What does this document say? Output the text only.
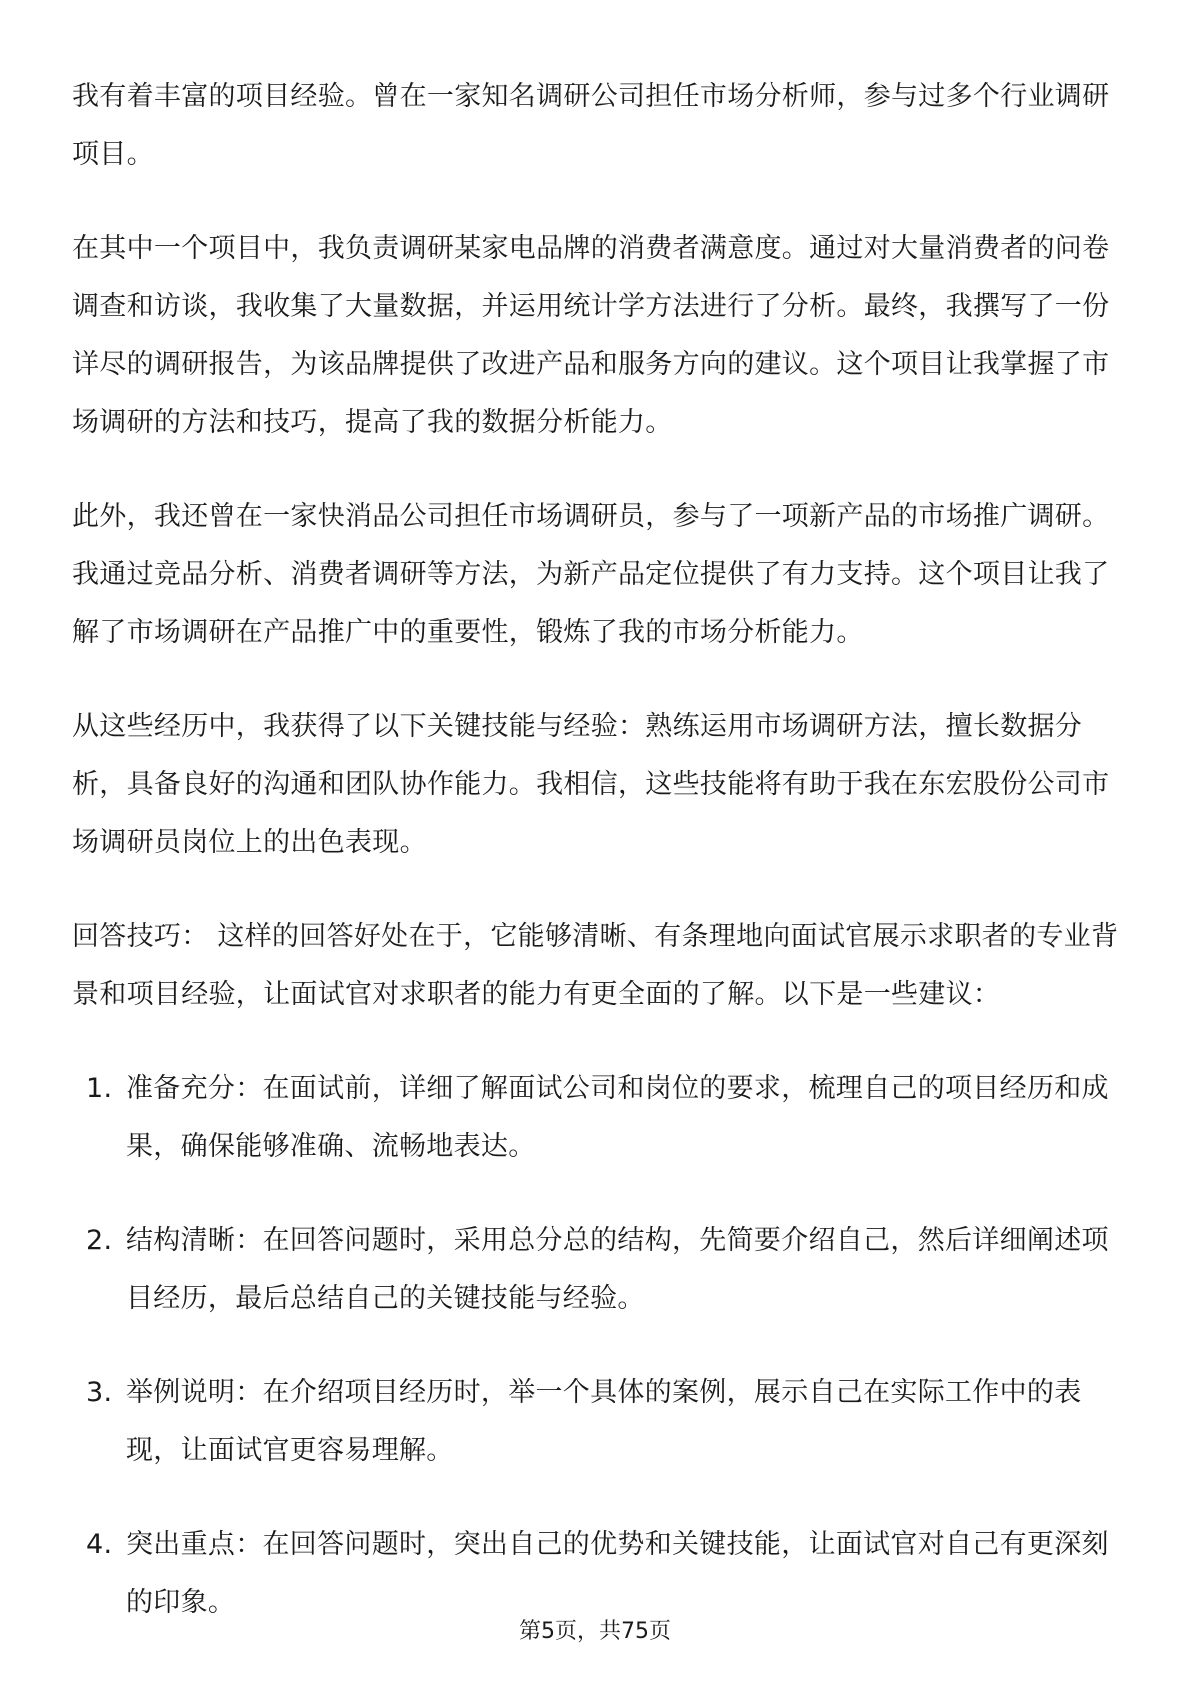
我有着丰富的项目经验。曾在一家知名调研公司担任市场分析师，参与过多个行业调研项目。

在其中一个项目中，我负责调研某家电品牌的消费者满意度。通过对大量消费者的问卷调查和访谈，我收集了大量数据，并运用统计学方法进行了分析。最终，我撰写了一份详尽的调研报告，为该品牌提供了改进产品和服务方向的建议。这个项目让我掌握了市场调研的方法和技巧，提高了我的数据分析能力。

此外，我还曾在一家快消品公司担任市场调研员，参与了一项新产品的市场推广调研。我通过竞品分析、消费者调研等方法，为新产品定位提供了有力支持。这个项目让我了解了市场调研在产品推广中的重要性，锻炼了我的市场分析能力。

从这些经历中，我获得了以下关键技能与经验：熟练运用市场调研方法，擅长数据分析，具备良好的沟通和团队协作能力。我相信，这些技能将有助于我在东宏股份公司市场调研员岗位上的出色表现。

回答技巧： 这样的回答好处在于，它能够清晰、有条理地向面试官展示求职者的专业背景和项目经验，让面试官对求职者的能力有更全面的了解。以下是一些建议：

1. 准备充分：在面试前，详细了解面试公司和岗位的要求，梳理自己的项目经历和成果，确保能够准确、流畅地表达。
2. 结构清晰：在回答问题时，采用总分总的结构，先简要介绍自己，然后详细阐述项目经历，最后总结自己的关键技能与经验。
3. 举例说明：在介绍项目经历时，举一个具体的案例，展示自己在实际工作中的表现，让面试官更容易理解。
4. 突出重点：在回答问题时，突出自己的优势和关键技能，让面试官对自己有更深刻的印象。
第5页，共75页
